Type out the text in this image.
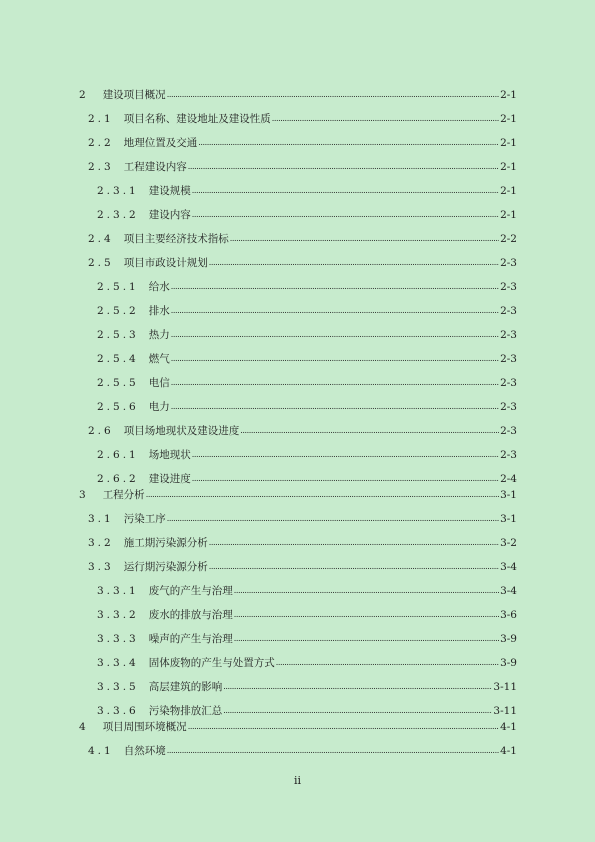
2 建设项目概况 .....	2-1
2.1 项目名称、建设地址及建设性质 .....	2-1
2.2 地理位置及交通 .....	2-1
2.3 工程建设内容 .....	2-1
2.3.1 建设规模 .....	2-1
2.3.2 建设内容 .....	2-1
2.4 项目主要经济技术指标 .....	2-2
2.5 项目市政设计规划 .....	2-3
2.5.1 给水 .....	2-3
2.5.2 排水 .....	2-3
2.5.3 热力 .....	2-3
2.5.4 燃气 .....	2-3
2.5.5 电信 .....	2-3
2.5.6 电力 .....	2-3
2.6 项目场地现状及建设进度 .....	2-3
2.6.1 场地现状 .....	2-3
2.6.2 建设进度 .....	2-4
3 工程分析 .....	3-1
3.1 污染工序 .....	3-1
3.2 施工期污染源分析 .....	3-2
3.3 运行期污染源分析 .....	3-4
3.3.1 废气的产生与治理 .....	3-4
3.3.2 废水的排放与治理 .....	3-6
3.3.3 噪声的产生与治理 .....	3-9
3.3.4 固体废物的产生与处置方式 .....	3-9
3.3.5 高层建筑的影响 .....	3-11
3.3.6 污染物排放汇总 .....	3-11
4 项目周围环境概况 .....	4-1
4.1 自然环境 .....	4-1
ii
